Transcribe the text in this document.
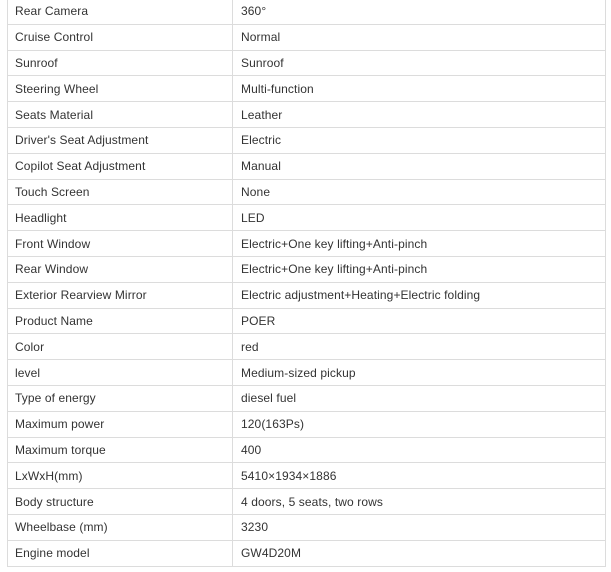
Rear Camera	360°
Cruise Control	Normal
Sunroof	Sunroof
Steering Wheel	Multi-function
Seats Material	Leather
Driver's Seat Adjustment	Electric
Copilot Seat Adjustment	Manual
Touch Screen	None
Headlight	LED
Front Window	Electric+One key lifting+Anti-pinch
Rear Window	Electric+One key lifting+Anti-pinch
Exterior Rearview Mirror	Electric adjustment+Heating+Electric folding
Product Name	POER
Color	red
level	Medium-sized pickup
Type of energy	diesel fuel
Maximum power	120(163Ps)
Maximum torque	400
LxWxH(mm)	5410×1934×1886
Body structure	4 doors, 5 seats, two rows
Wheelbase (mm)	3230
Engine model	GW4D20M
